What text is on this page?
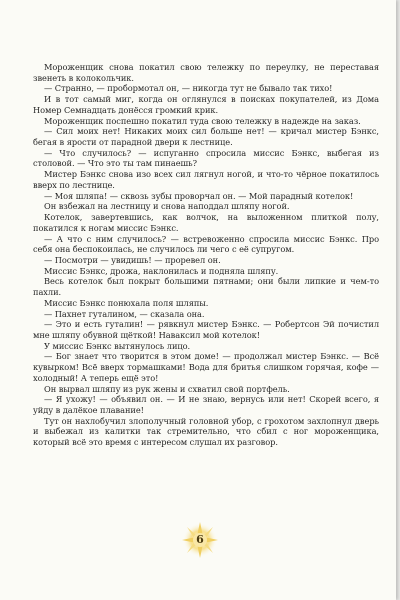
Мороженщик снова покатил свою тележку по переулку, не переставая звенеть в колокольчик.

— Странно, — пробормотал он, — никогда тут не бывало так тихо!

И в тот самый миг, когда он оглянулся в поисках покупателей, из Дома Номер Семнадцать донёсся громкий крик.

Мороженщик поспешно покатил туда свою тележку в надежде на заказ.

— Сил моих нет! Никаких моих сил больше нет! — кричал мистер Бэнкс, бегая в ярости от парадной двери к лестнице.

— Что случилось? — испуганно спросила миссис Бэнкс, выбегая из столовой. — Что это ты там пинаешь?

Мистер Бэнкс снова изо всех сил лягнул ногой, и что-то чёрное покатилось вверх по лестнице.

— Моя шляпа! — сквозь зубы проворчал он. — Мой парадный котелок!

Он взбежал на лестницу и снова наподдал шляпу ногой.

Котелок, завертевшись, как волчок, на выложенном плиткой полу, покатился к ногам миссис Бэнкс.

— А что с ним случилось? — встревоженно спросила миссис Бэнкс. Про себя она беспокоилась, не случилось ли чего с её супругом.

— Посмотри — увидишь! — проревел он.

Миссис Бэнкс, дрожа, наклонилась и подняла шляпу.

Весь котелок был покрыт большими пятнами; они были липкие и чем-то пахли.

Миссис Бэнкс понюхала поля шляпы.

— Пахнет гуталином, — сказала она.

— Это и есть гуталин! — рявкнул мистер Бэнкс. — Робертсон Эй почистил мне шляпу обувной щёткой! Наваксил мой котелок!

У миссис Бэнкс вытянулось лицо.

— Бог знает что творится в этом доме! — продолжал мистер Бэнкс. — Всё кувырком! Всё вверх тормашками! Вода для бритья слишком горячая, кофе — холодный! А теперь ещё это!

Он вырвал шляпу из рук жены и схватил свой портфель.

— Я ухожу! — объявил он. — И не знаю, вернусь или нет! Скорей всего, я уйду в далёкое плавание!

Тут он нахлобучил злополучный головной убор, с грохотом захлопнул дверь и выбежал из калитки так стремительно, что сбил с ног мороженщика, который всё это время с интересом слушал их разговор.

6
